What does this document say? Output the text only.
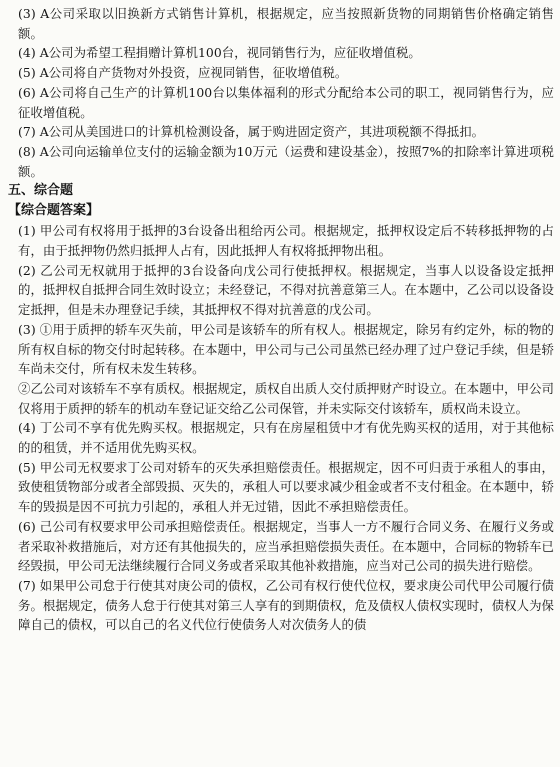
(3) A公司采取以旧换新方式销售计算机，根据规定，应当按照新货物的同期销售价格确定销售额。

(4) A公司为希望工程捐赠计算机100台，视同销售行为，应征收增值税。

(5) A公司将自产货物对外投资，应视同销售，征收增值税。

(6) A公司将自己生产的计算机100台以集体福利的形式分配给本公司的职工，视同销售行为，应征收增值税。

(7) A公司从美国进口的计算机检测设备，属于购进固定资产，其进项税额不得抵扣。

(8) A公司向运输单位支付的运输金额为10万元（运费和建设基金），按照7%的扣除率计算进项税额。

五、综合题

【综合题答案】

(1) 甲公司有权将用于抵押的3台设备出租给丙公司。根据规定，抵押权设定后不转移抵押物的占有，由于抵押物仍然归抵押人占有，因此抵押人有权将抵押物出租。

(2) 乙公司无权就用于抵押的3台设备向戊公司行使抵押权。根据规定，当事人以设备设定抵押的，抵押权自抵押合同生效时设立；未经登记，不得对抗善意第三人。在本题中，乙公司以设备设定抵押，但是未办理登记手续，其抵押权不得对抗善意的戊公司。

(3) ①用于质押的轿车灭失前，甲公司是该轿车的所有权人。根据规定，除另有约定外，标的物的所有权自标的物交付时起转移。在本题中，甲公司与己公司虽然已经办理了过户登记手续，但是轿车尚未交付，所有权未发生转移。

②乙公司对该轿车不享有质权。根据规定，质权自出质人交付质押财产时设立。在本题中，甲公司仅将用于质押的轿车的机动车登记证交给乙公司保管，并未实际交付该轿车，质权尚未设立。

(4) 丁公司不享有优先购买权。根据规定，只有在房屋租赁中才有优先购买权的适用，对于其他标的的租赁，并不适用优先购买权。

(5) 甲公司无权要求丁公司对轿车的灭失承担赔偿责任。根据规定，因不可归责于承租人的事由，致使租赁物部分或者全部毁损、灭失的，承租人可以要求减少租金或者不支付租金。在本题中，轿车的毁损是因不可抗力引起的，承租人并无过错，因此不承担赔偿责任。

(6) 己公司有权要求甲公司承担赔偿责任。根据规定，当事人一方不履行合同义务、在履行义务或者采取补救措施后，对方还有其他损失的，应当承担赔偿损失责任。在本题中，合同标的物轿车已经毁损，甲公司无法继续履行合同义务或者采取其他补救措施，应当对己公司的损失进行赔偿。

(7) 如果甲公司怠于行使其对庚公司的债权，乙公司有权行使代位权，要求庚公司代甲公司履行债务。根据规定，债务人怠于行使其对第三人享有的到期债权，危及债权人债权实现时，债权人为保障自己的债权，可以自己的名义代位行使债务人对次债务人的债
